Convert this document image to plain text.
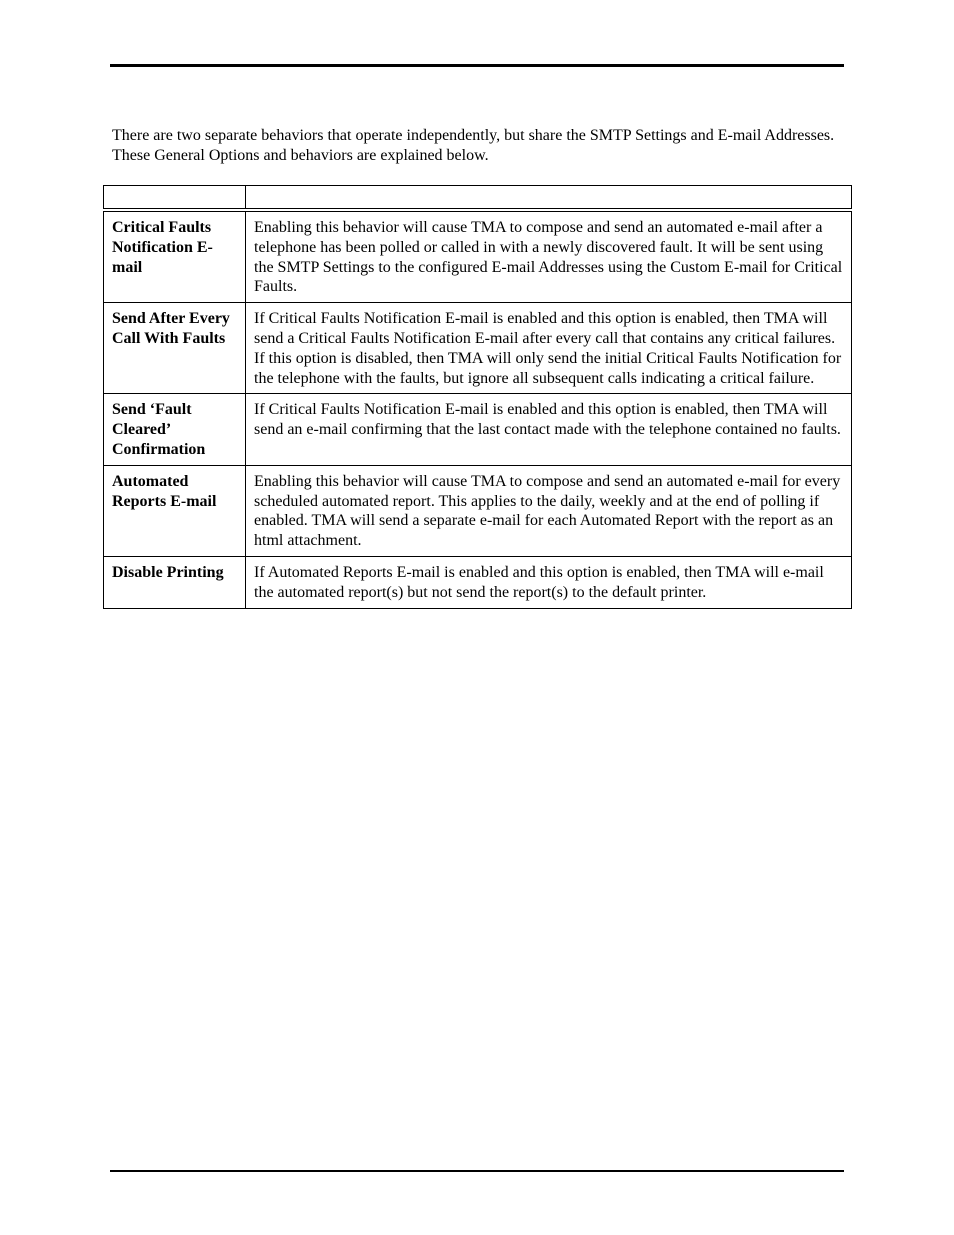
There are two separate behaviors that operate independently, but share the SMTP Settings and E-mail Addresses. These General Options and behaviors are explained below.

Critical Faults Notification E-mail	Enabling this behavior will cause TMA to compose and send an automated e-mail after a telephone has been polled or called in with a newly discovered fault. It will be sent using the SMTP Settings to the configured E-mail Addresses using the Custom E-mail for Critical Faults.
Send After Every Call With Faults	If Critical Faults Notification E-mail is enabled and this option is enabled, then TMA will send a Critical Faults Notification E-mail after every call that contains any critical failures. If this option is disabled, then TMA will only send the initial Critical Faults Notification for the telephone with the faults, but ignore all subsequent calls indicating a critical failure.
Send ‘Fault Cleared’ Confirmation	If Critical Faults Notification E-mail is enabled and this option is enabled, then TMA will send an e-mail confirming that the last contact made with the telephone contained no faults.
Automated Reports E-mail	Enabling this behavior will cause TMA to compose and send an automated e-mail for every scheduled automated report. This applies to the daily, weekly and at the end of polling if enabled. TMA will send a separate e-mail for each Automated Report with the report as an html attachment.
Disable Printing	If Automated Reports E-mail is enabled and this option is enabled, then TMA will e-mail the automated report(s) but not send the report(s) to the default printer.
